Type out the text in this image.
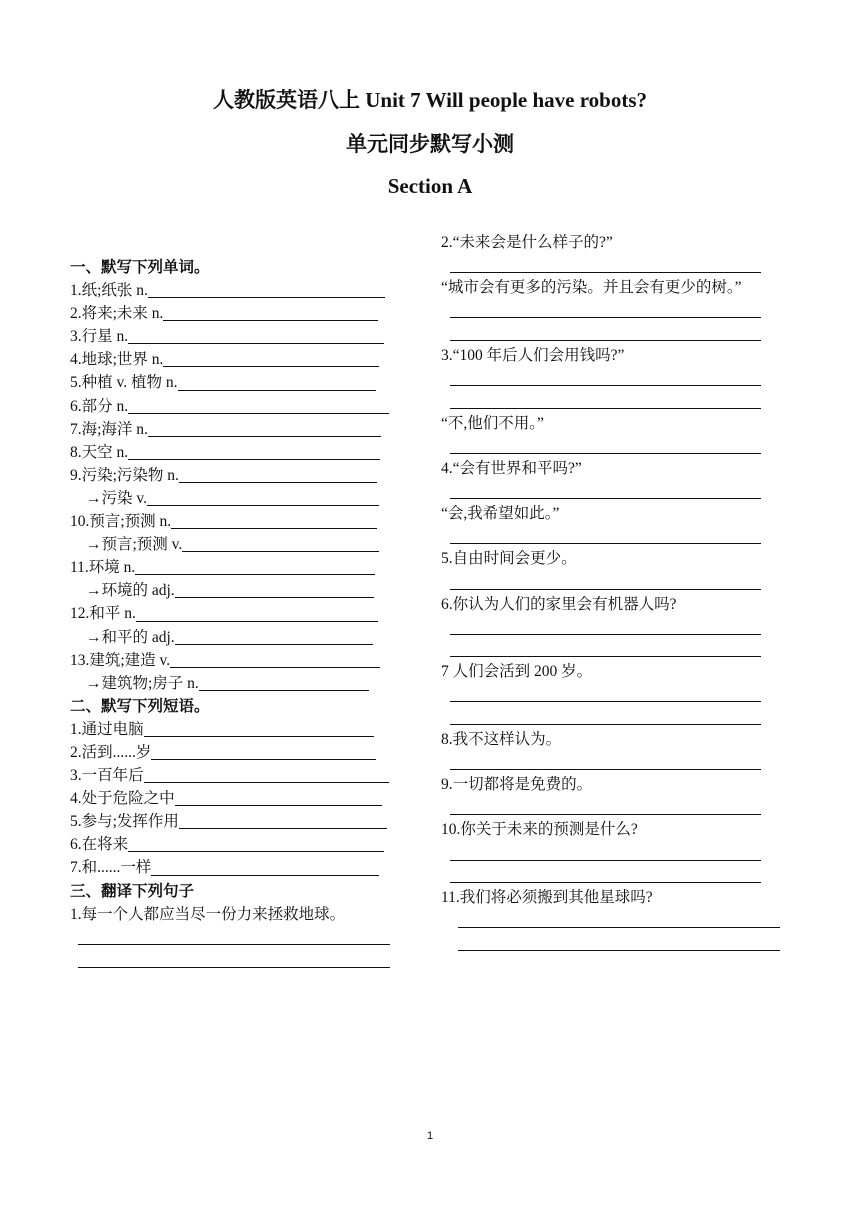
人教版英语八上 Unit 7 Will people have robots?
单元同步默写小测
Section A
一、默写下列单词。
1.纸;纸张 n.
2.将来;未来 n.
3.行星 n.
4.地球;世界 n.
5.种植 v. 植物 n.
6.部分 n.
7.海;海洋 n.
8.天空 n.
9.污染;污染物 n.
→污染 v.
10.预言;预测 n.
→预言;预测 v.
11.环境 n.
→环境的 adj.
12.和平 n.
→和平的 adj.
13.建筑;建造 v.
→建筑物;房子 n.
二、默写下列短语。
1.通过电脑
2.活到......岁
3.一百年后
4.处于危险之中
5.参与;发挥作用
6.在将来
7.和......一样
三、翻译下列句子
1.每一个人都应当尽一份力来拯救地球。
2.“未来会是什么样子的?”
“城市会有更多的污染。并且会有更少的树。”
3.“100 年后人们会用钱吗?”
“不,他们不用。”
4.“会有世界和平吗?”
“会,我希望如此。”
5.自由时间会更少。
6.你认为人们的家里会有机器人吗?
7 人们会活到 200 岁。
8.我不这样认为。
9.一切都将是免费的。
10.你关于未来的预测是什么?
11.我们将必须搬到其他星球吗?
1
